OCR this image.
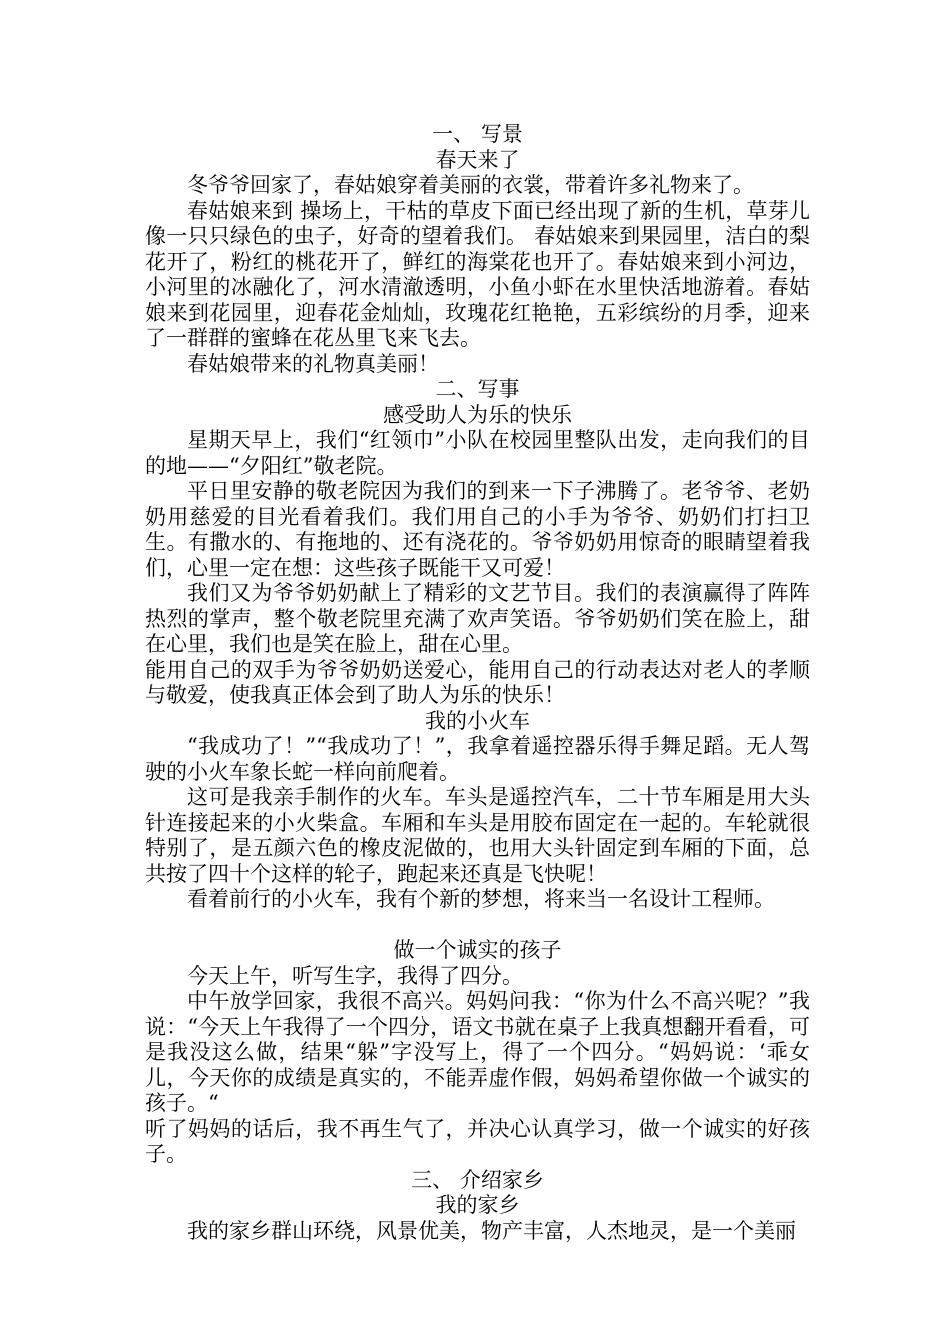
一、 写景
春天来了
冬爷爷回家了，春姑娘穿着美丽的衣裳，带着许多礼物来了。
春姑娘来到 操场上，干枯的草皮下面已经出现了新的生机，草芽儿像一只只绿色的虫子，好奇的望着我们。 春姑娘来到果园里，洁白的梨花开了，粉红的桃花开了，鲜红的海棠花也开了。春姑娘来到小河边，小河里的冰融化了，河水清澈透明，小鱼小虾在水里快活地游着。春姑娘来到花园里，迎春花金灿灿，玫瑰花红艳艳，五彩缤纷的月季，迎来了一群群的蜜蜂在花丛里飞来飞去。
春姑娘带来的礼物真美丽！
二、写事
感受助人为乐的快乐
星期天早上，我们“红领巾”小队在校园里整队出发，走向我们的目的地——“夕阳红”敬老院。
平日里安静的敬老院因为我们的到来一下子沸腾了。老爷爷、老奶奶用慈爱的目光看着我们。我们用自己的小手为爷爷、奶奶们打扫卫生。有撒水的、有拖地的、还有浇花的。爷爷奶奶用惊奇的眼睛望着我们，心里一定在想：这些孩子既能干又可爱！
我们又为爷爷奶奶献上了精彩的文艺节目。我们的表演赢得了阵阵热烈的掌声，整个敬老院里充满了欢声笑语。爷爷奶奶们笑在脸上，甜在心里，我们也是笑在脸上，甜在心里。
能用自己的双手为爷爷奶奶送爱心，能用自己的行动表达对老人的孝顺与敬爱，使我真正体会到了助人为乐的快乐！
我的小火车
“我成功了！”“我成功了！”，我拿着遥控器乐得手舞足蹈。无人驾驶的小火车象长蛇一样向前爬着。
这可是我亲手制作的火车。车头是遥控汽车，二十节车厢是用大头针连接起来的小火柴盒。车厢和车头是用胶布固定在一起的。车轮就很特别了，是五颜六色的橡皮泥做的，也用大头针固定到车厢的下面，总共按了四十个这样的轮子，跑起来还真是飞快呢！
看着前行的小火车，我有个新的梦想，将来当一名设计工程师。
做一个诚实的孩子
今天上午，听写生字，我得了四分。
中午放学回家，我很不高兴。妈妈问我：“你为什么不高兴呢？”我说：“今天上午我得了一个四分，语文书就在桌子上我真想翻开看看，可是我没这么做，结果“躲”字没写上，得了一个四分。“妈妈说：‘乖女儿，今天你的成绩是真实的，不能弄虚作假，妈妈希望你做一个诚实的孩子。“
听了妈妈的话后，我不再生气了，并决心认真学习，做一个诚实的好孩子。
三、 介绍家乡
我的家乡
我的家乡群山环绕，风景优美，物产丰富，人杰地灵，是一个美丽
